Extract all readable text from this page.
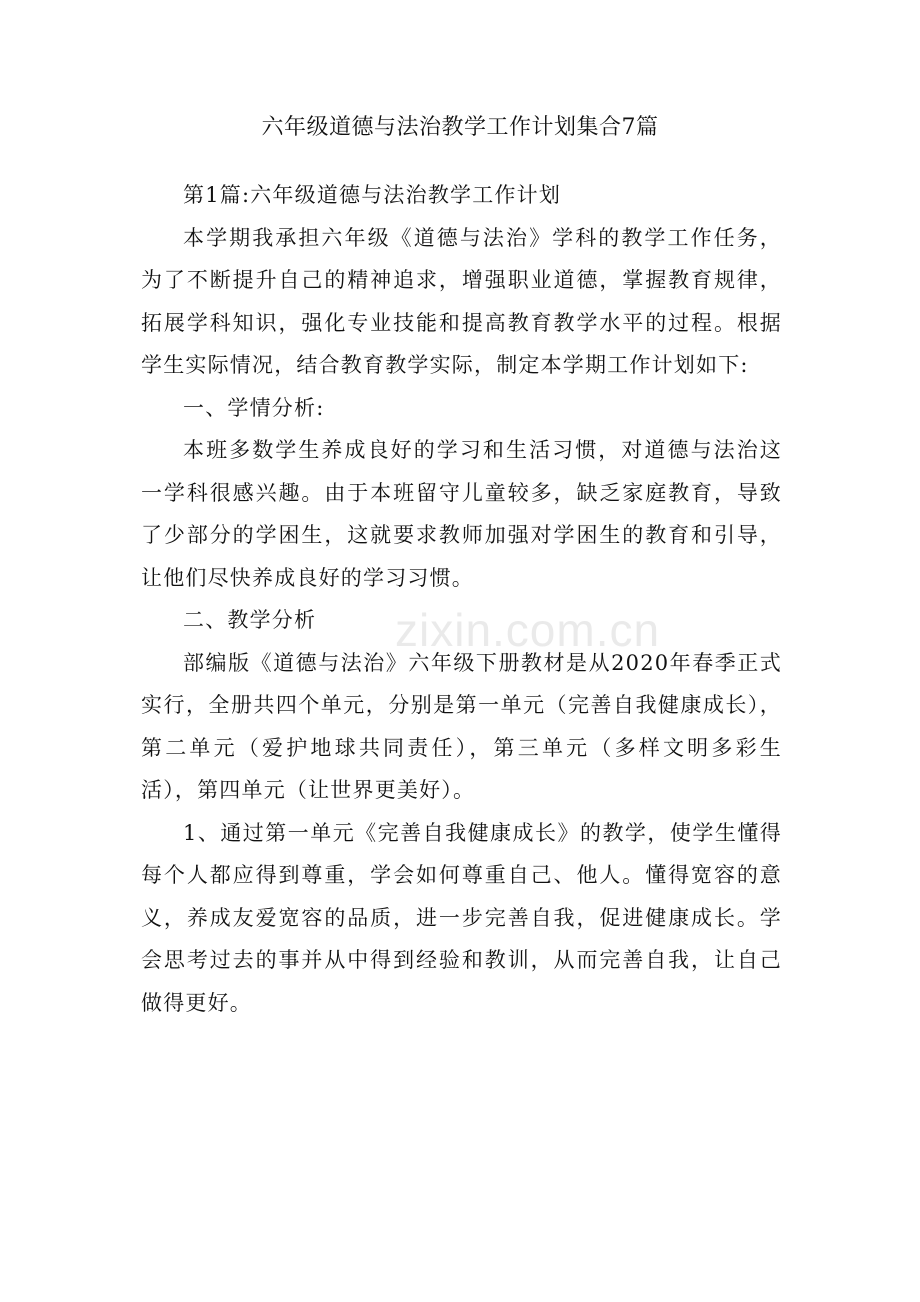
六年级道德与法治教学工作计划集合7篇

第1篇:六年级道德与法治教学工作计划

本学期我承担六年级《道德与法治》学科的教学工作任务，为了不断提升自己的精神追求，增强职业道德，掌握教育规律，拓展学科知识，强化专业技能和提高教育教学水平的过程。根据学生实际情况，结合教育教学实际，制定本学期工作计划如下:

一、学情分析:

本班多数学生养成良好的学习和生活习惯，对道德与法治这一学科很感兴趣。由于本班留守儿童较多，缺乏家庭教育，导致了少部分的学困生，这就要求教师加强对学困生的教育和引导，让他们尽快养成良好的学习习惯。

二、教学分析

部编版《道德与法治》六年级下册教材是从2020年春季正式实行，全册共四个单元，分别是第一单元（完善自我健康成长），第二单元（爱护地球共同责任），第三单元（多样文明多彩生活），第四单元（让世界更美好）。

1、通过第一单元《完善自我健康成长》的教学，使学生懂得每个人都应得到尊重，学会如何尊重自己、他人。懂得宽容的意义，养成友爱宽容的品质，进一步完善自我，促进健康成长。学会思考过去的事并从中得到经验和教训，从而完善自我，让自己做得更好。

zixin.com.cn
